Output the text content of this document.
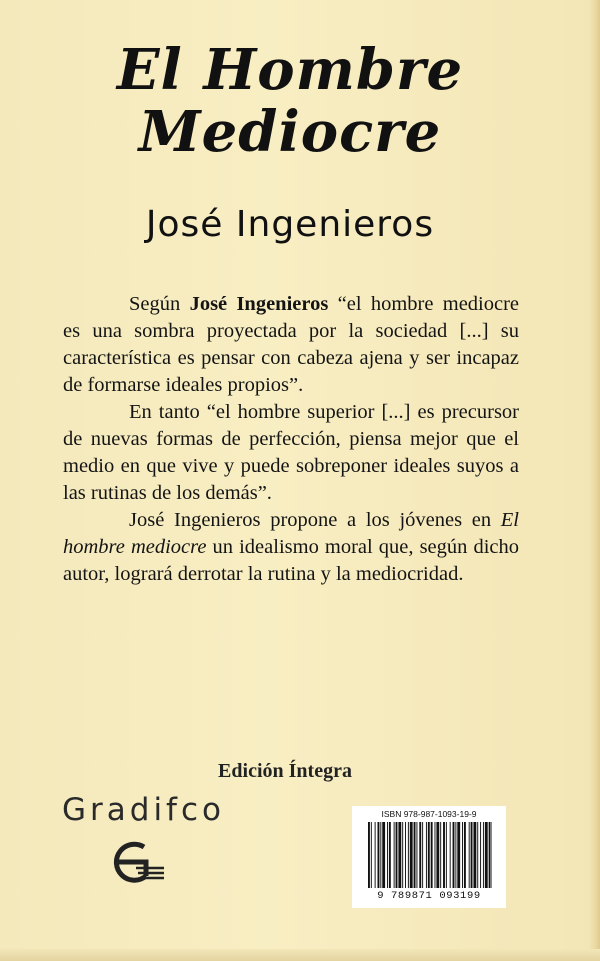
El Hombre
Mediocre
José Ingenieros

Según José Ingenieros “el hombre mediocre es una sombra proyectada por la sociedad [...] su característica es pensar con cabeza ajena y ser incapaz de formarse ideales propios”.

En tanto “el hombre superior [...] es precursor de nuevas formas de perfección, piensa mejor que el medio en que vive y puede sobreponer ideales suyos a las rutinas de los demás”.

José Ingenieros propone a los jóvenes en El hombre mediocre un idealismo moral que, según dicho autor, logrará derrotar la rutina y la mediocridad.

Edición Íntegra
Gradifco	ISBN 978-987-1093-19-9
9 789871 093199
